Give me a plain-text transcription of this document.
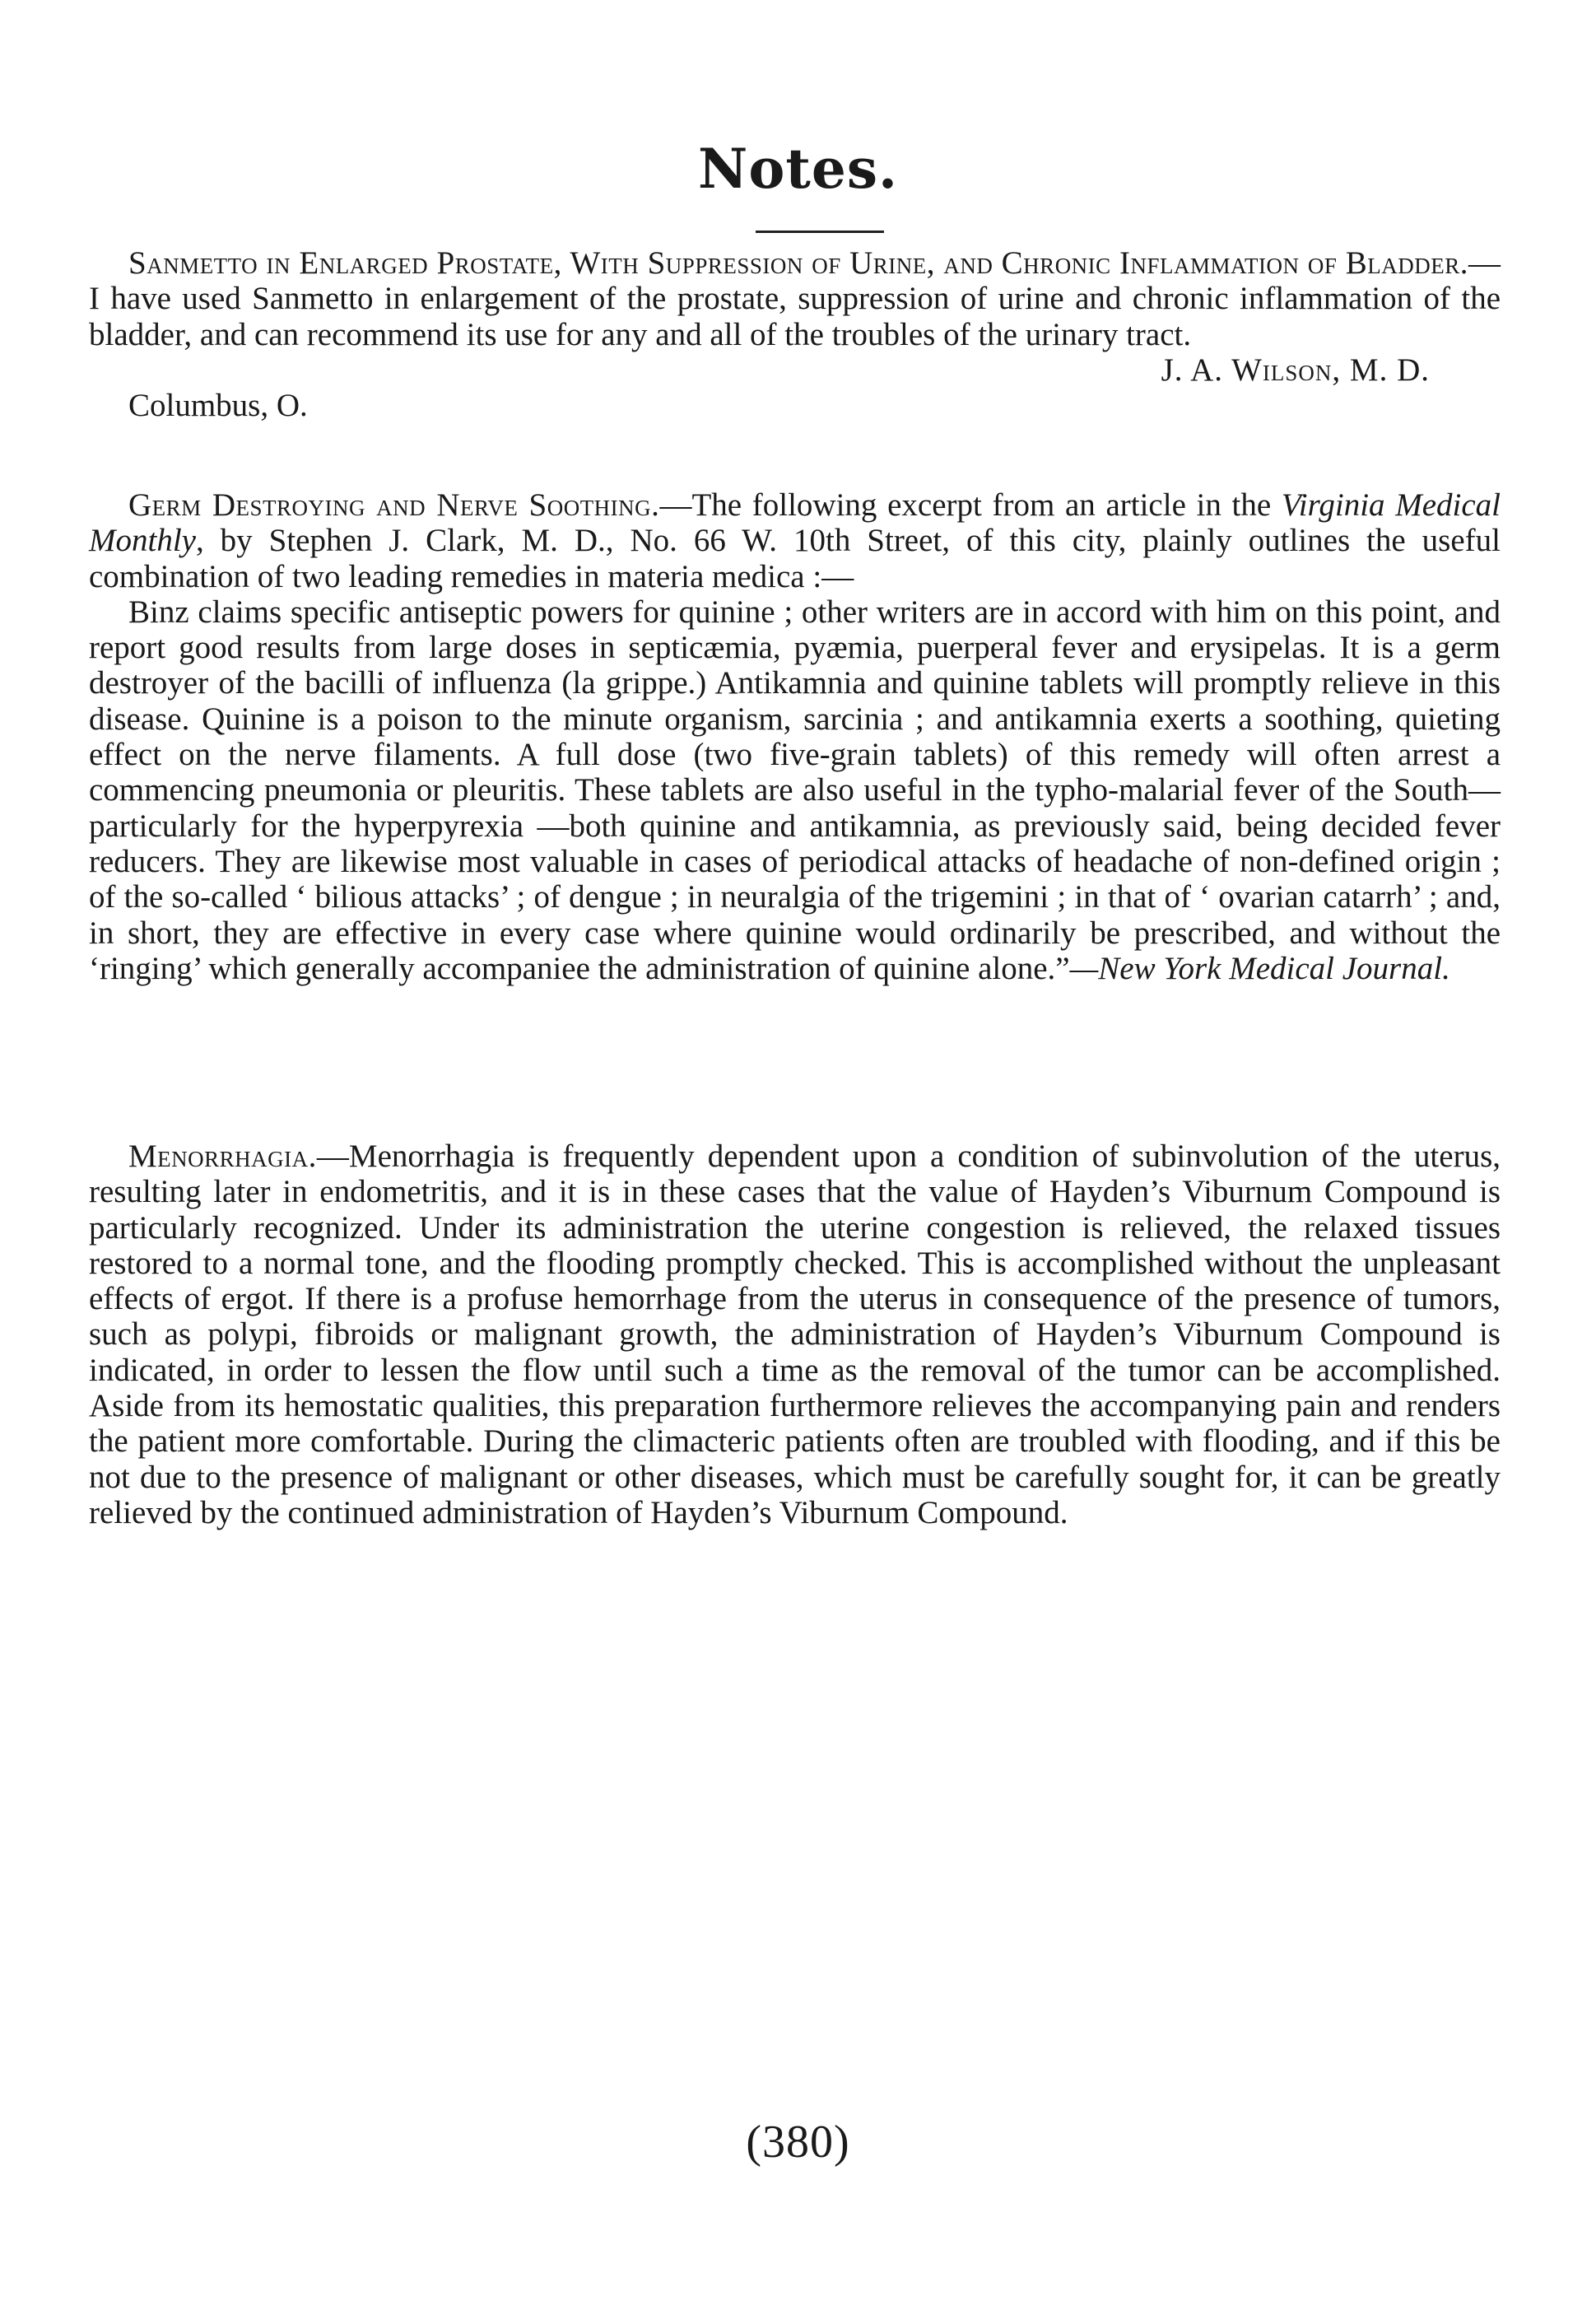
Notes.

Sanmetto in Enlarged Prostate, With Suppression of Urine, and Chronic Inflammation of Bladder.—I have used Sanmetto in enlargement of the prostate, suppression of urine and chronic inflammation of the bladder, and can recommend its use for any and all of the troubles of the urinary tract.

J. A. Wilson, M. D.
Columbus, O.

Germ Destroying and Nerve Soothing.—The following excerpt from an article in the Virginia Medical Monthly, by Stephen J. Clark, M. D., No. 66 W. 10th Street, of this city, plainly outlines the useful combination of two leading remedies in materia medica :—

Binz claims specific antiseptic powers for quinine ; other writers are in accord with him on this point, and report good results from large doses in septicæmia, pyæmia, puerperal fever and erysipelas. It is a germ destroyer of the bacilli of influenza (la grippe.) Antikamnia and quinine tablets will promptly relieve in this disease. Quinine is a poison to the minute organism, sarcinia ; and antikamnia exerts a soothing, quieting effect on the nerve filaments. A full dose (two five-grain tablets) of this remedy will often arrest a commencing pneumonia or pleuritis. These tablets are also useful in the typho-malarial fever of the South—particularly for the hyperpyrexia —both quinine and antikamnia, as previously said, being decided fever reducers. They are likewise most valuable in cases of periodical attacks of headache of non-defined origin ; of the so-called ‘ bilious attacks’ ; of dengue ; in neuralgia of the trigemini ; in that of ‘ ovarian catarrh’ ; and, in short, they are effective in every case where quinine would ordinarily be prescribed, and without the ‘ringing’ which generally accompaniee the administration of quinine alone.”—New York Medical Journal.

Menorrhagia.—Menorrhagia is frequently dependent upon a condition of subinvolution of the uterus, resulting later in endometritis, and it is in these cases that the value of Hayden’s Viburnum Compound is particularly recognized. Under its administration the uterine congestion is relieved, the relaxed tissues restored to a normal tone, and the flooding promptly checked. This is accomplished without the unpleasant effects of ergot. If there is a profuse hemorrhage from the uterus in consequence of the presence of tumors, such as polypi, fibroids or malignant growth, the administration of Hayden’s Viburnum Compound is indicated, in order to lessen the flow until such a time as the removal of the tumor can be accomplished. Aside from its hemostatic qualities, this preparation furthermore relieves the accompanying pain and renders the patient more comfortable. During the climacteric patients often are troubled with flooding, and if this be not due to the presence of malignant or other diseases, which must be carefully sought for, it can be greatly relieved by the continued administration of Hayden’s Viburnum Compound.

(380)
